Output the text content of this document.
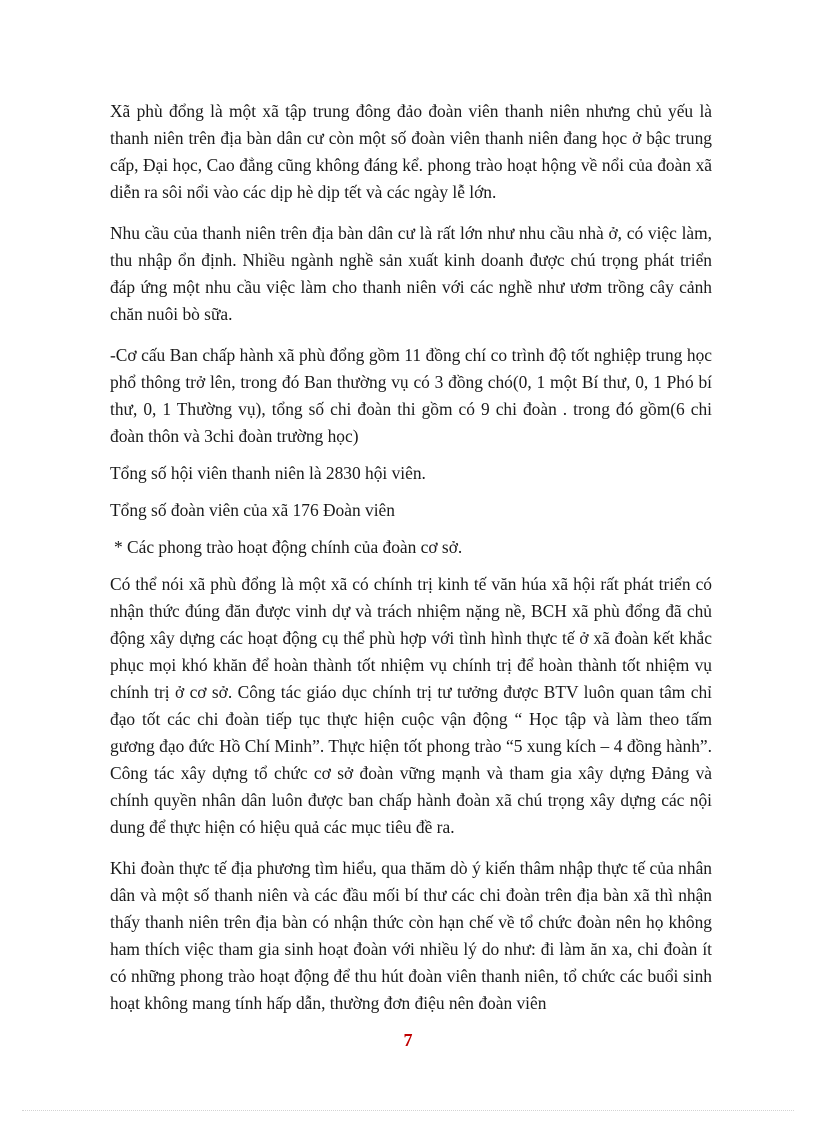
Xã phù đổng là một xã tập trung đông đảo đoàn viên thanh niên nhưng chủ yếu là thanh niên trên địa bàn dân cư còn một số đoàn viên thanh niên đang học ở bậc trung cấp, Đại học, Cao đẳng cũng không đáng kể. phong trào hoạt hộng về nổi của đoàn xã diễn ra sôi nổi vào các dịp hè dịp tết và các ngày lễ lớn.

Nhu cầu của thanh niên trên địa bàn dân cư là rất lớn như nhu cầu nhà ở, có việc làm, thu nhập ổn định. Nhiều ngành nghề sản xuất kinh doanh được chú trọng phát triển đáp ứng một nhu cầu việc làm cho thanh niên với các nghề như ươm trồng cây cảnh chăn nuôi bò sữa.

-Cơ cấu Ban chấp hành xã phù đổng gồm 11 đồng chí co trình độ tốt nghiệp trung học phổ thông trở lên, trong đó Ban thường vụ có 3 đồng chó(0, 1 một Bí thư, 0, 1 Phó bí thư, 0, 1 Thường vụ), tổng số chi đoàn thi gồm có 9 chi đoàn . trong đó gồm(6 chi đoàn thôn và 3chi đoàn trường học)

Tổng số hội viên thanh niên là 2830 hội viên.

Tổng số đoàn viên của xã 176 Đoàn viên

* Các phong trào hoạt động chính của đoàn cơ sở.

Có thể nói xã phù đổng là một xã có chính trị kinh tế văn húa xã hội rất phát triển có nhận thức đúng đăn được vinh dự và trách nhiệm nặng nề, BCH xã phù đổng đã chủ động xây dựng các hoạt động cụ thể phù hợp với tình hình thực tế ở xã đoàn kết khắc phục mọi khó khăn để hoàn thành tốt nhiệm vụ chính trị để hoàn thành tốt nhiệm vụ chính trị ở cơ sở. Công tác giáo dục chính trị tư tưởng được BTV luôn quan tâm chỉ đạo tốt các chi đoàn tiếp tục thực hiện cuộc vận động “ Học tập và làm theo tấm gương đạo đức Hồ Chí Minh”. Thực hiện tốt phong trào “5 xung kích – 4 đồng hành”. Công tác xây dựng tổ chức cơ sở đoàn vững mạnh và tham gia xây dựng Đảng và chính quyền nhân dân luôn được ban chấp hành đoàn xã chú trọng xây dựng các nội dung để thực hiện có hiệu quả các mục tiêu đề ra.

Khi đoàn thực tế địa phương tìm hiểu, qua thăm dò ý kiến thâm nhập thực tế của nhân dân và một số thanh niên và các đầu mối bí thư các chi đoàn trên địa bàn xã thì nhận thấy thanh niên trên địa bàn có nhận thức còn hạn chế về tổ chức đoàn nên họ không ham thích việc tham gia sinh hoạt đoàn với nhiều lý do như: đi làm ăn xa, chi đoàn ít có những phong trào hoạt động để thu hút đoàn viên thanh niên, tổ chức các buổi sinh hoạt không mang tính hấp dẫn, thường đơn điệu nên đoàn viên

7
